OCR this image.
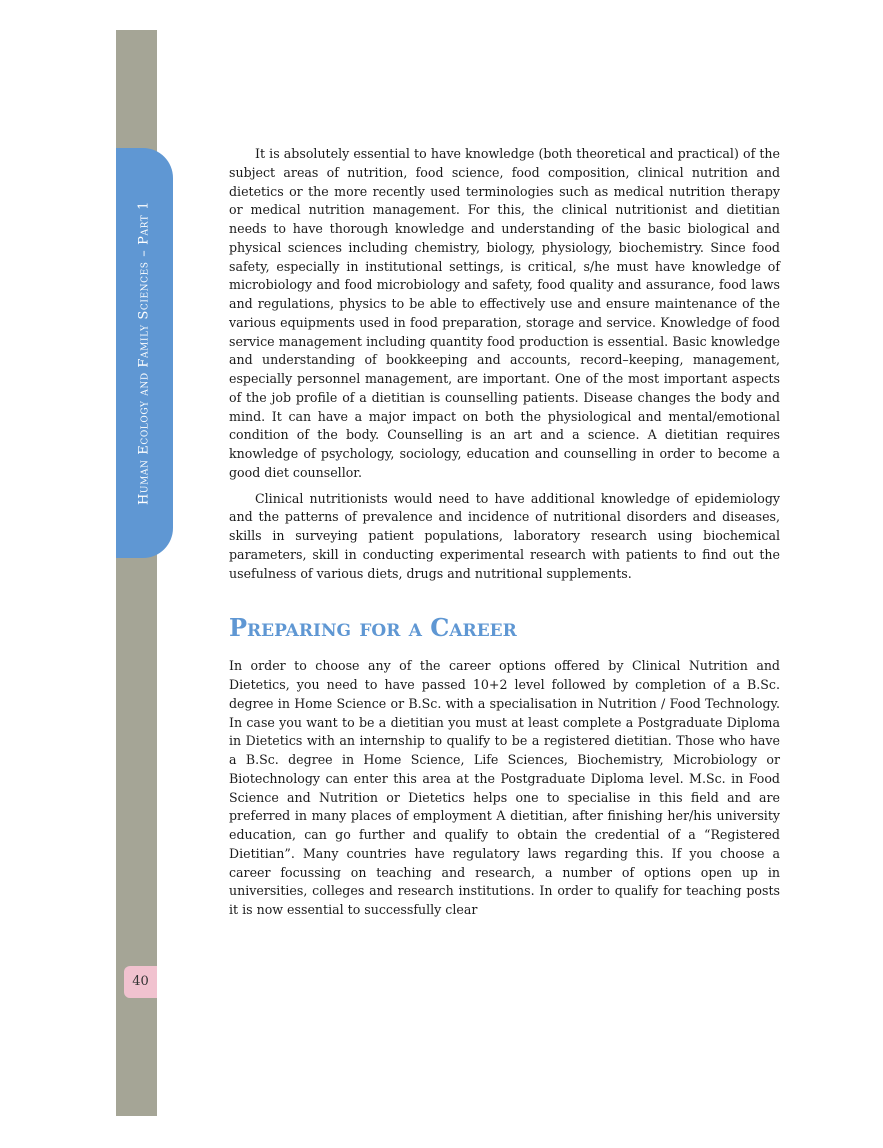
Human Ecology and Family Sciences – Part 1
40

It is absolutely essential to have knowledge (both theoretical and practical) of the subject areas of nutrition, food science, food composition, clinical nutrition and dietetics or the more recently used terminologies such as medical nutrition therapy or medical nutrition management. For this, the clinical nutritionist and dietitian needs to have thorough knowledge and understanding of the basic biological and physical sciences including chemistry, biology, physiology, biochemistry. Since food safety, especially in institutional settings, is critical, s/he must have knowledge of microbiology and food microbiology and safety, food quality and assurance, food laws and regulations, physics to be able to effectively use and ensure maintenance of the various equipments used in food preparation, storage and service. Knowledge of food service management including quantity food production is essential. Basic knowledge and understanding of bookkeeping and accounts, record–keeping, management, especially personnel management, are important. One of the most important aspects of the job profile of a dietitian is counselling patients. Disease changes the body and mind. It can have a major impact on both the physiological and mental/emotional condition of the body. Counselling is an art and a science. A dietitian requires knowledge of psychology, sociology, education and counselling in order to become a good diet counsellor.

Clinical nutritionists would need to have additional knowledge of epidemiology and the patterns of prevalence and incidence of nutritional disorders and diseases, skills in surveying patient populations, laboratory research using biochemical parameters, skill in conducting experimental research with patients to find out the usefulness of various diets, drugs and nutritional supplements.

Preparing for a Career

In order to choose any of the career options offered by Clinical Nutrition and Dietetics, you need to have passed 10+2 level followed by completion of a B.Sc. degree in Home Science or B.Sc. with a specialisation in Nutrition / Food Technology. In case you want to be a dietitian you must at least complete a Postgraduate Diploma in Dietetics with an internship to qualify to be a registered dietitian. Those who have a B.Sc. degree in Home Science, Life Sciences, Biochemistry, Microbiology or Biotechnology can enter this area at the Postgraduate Diploma level. M.Sc. in Food Science and Nutrition or Dietetics helps one to specialise in this field and are preferred in many places of employment A dietitian, after finishing her/his university education, can go further and qualify to obtain the credential of a “Registered Dietitian”. Many countries have regulatory laws regarding this. If you choose a career focussing on teaching and research, a number of options open up in universities, colleges and research institutions. In order to qualify for teaching posts it is now essential to successfully clear
